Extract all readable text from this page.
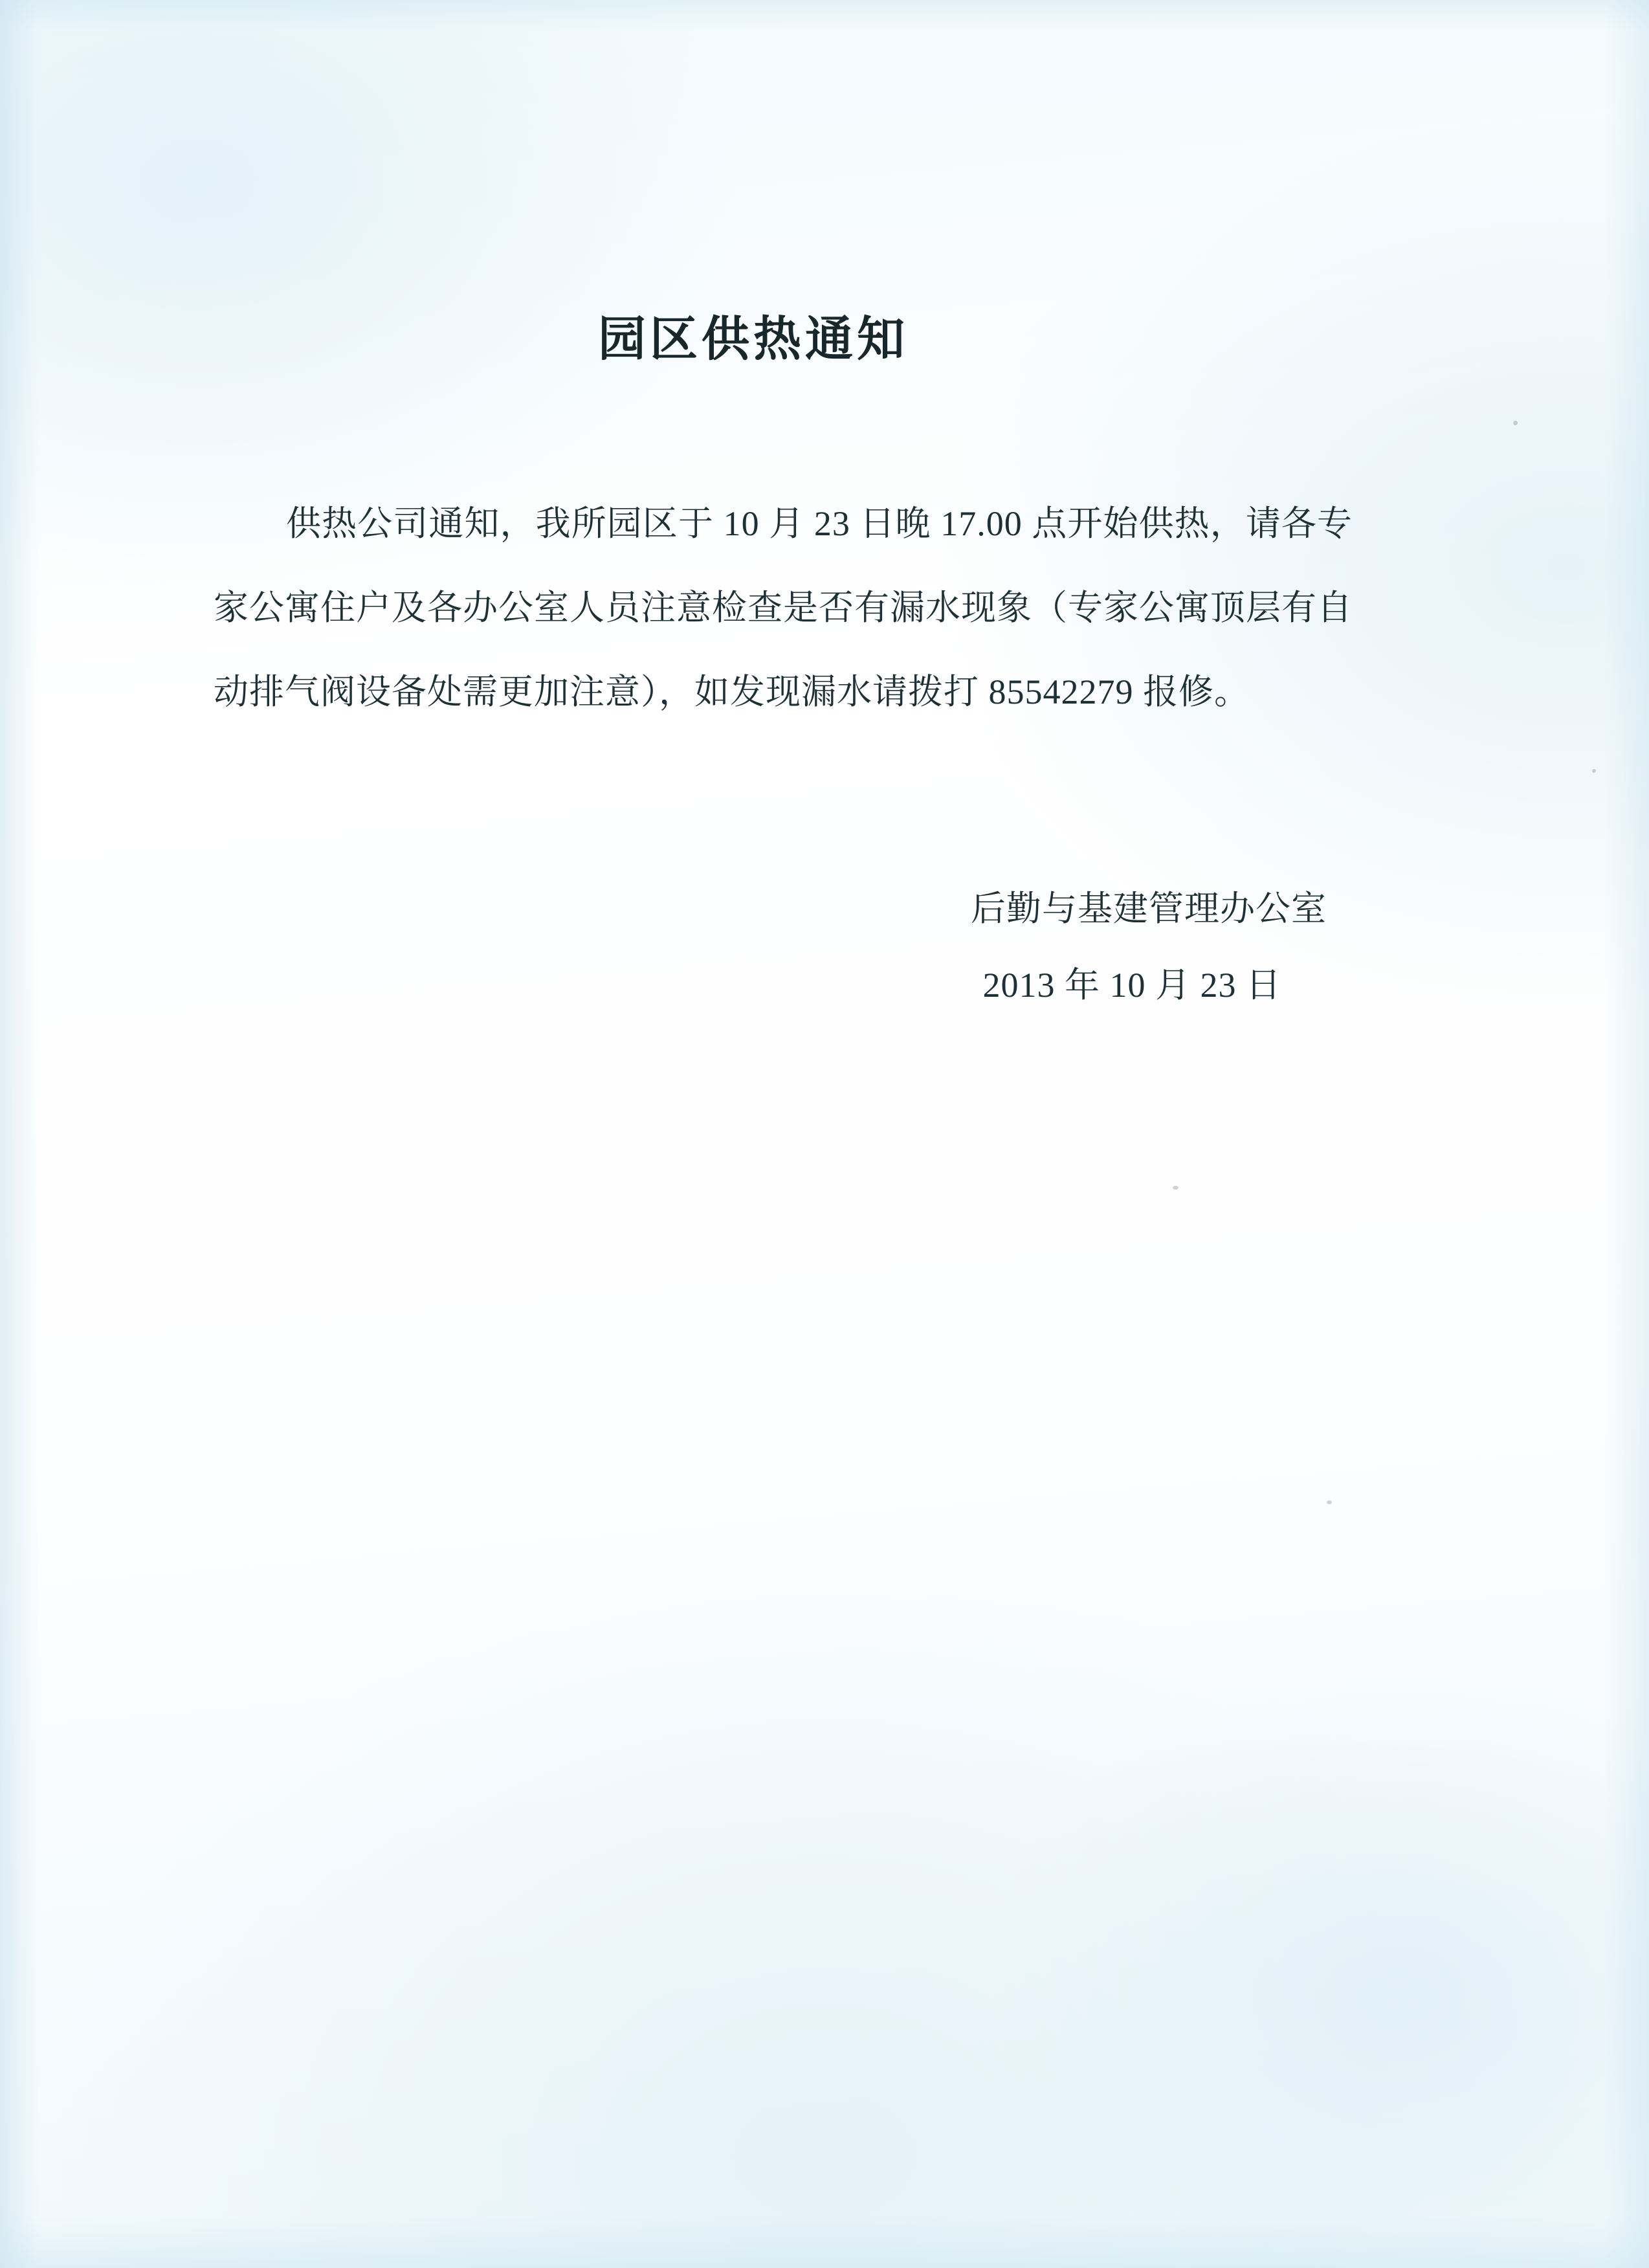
园区供热通知

供热公司通知，我所园区于 10 月 23 日晚 17.00 点开始供热，请各专家公寓住户及各办公室人员注意检查是否有漏水现象（专家公寓顶层有自动排气阀设备处需更加注意），如发现漏水请拨打 85542279 报修。

后勤与基建管理办公室
2013 年 10 月 23 日
